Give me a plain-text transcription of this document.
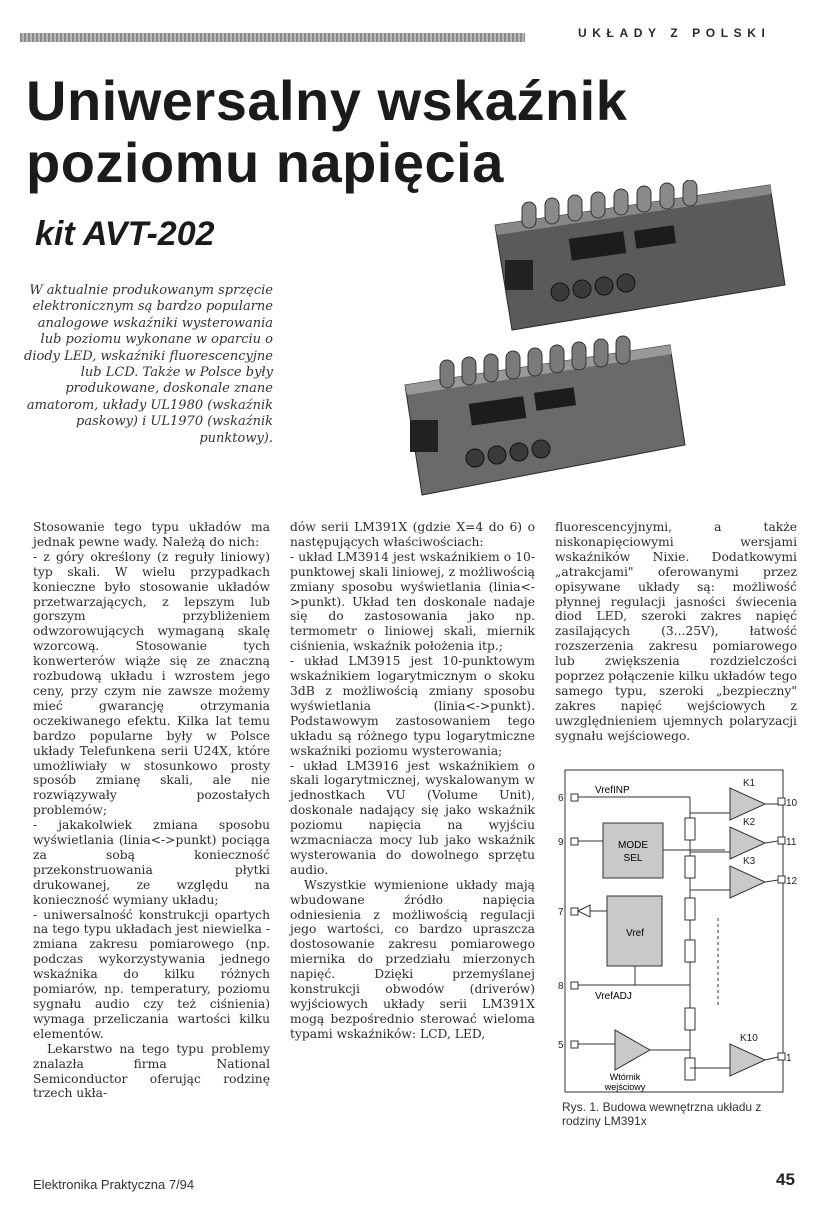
UKŁADY Z POLSKI
Uniwersalny wskaźnik
poziomu napięcia
kit AVT-202

W aktualnie produkowanym sprzęcie elektronicznym są bardzo popularne analogowe wskaźniki wysterowania lub poziomu wykonane w oparciu o diody LED, wskaźniki fluorescencyjne lub LCD. Także w Polsce były produkowane, doskonale znane amatorom, układy UL1980 (wskaźnik paskowy) i UL1970 (wskaźnik punktowy).

Stosowanie tego typu układów ma jednak pewne wady. Należą do nich:

- z góry określony (z reguły liniowy) typ skali. W wielu przypadkach konieczne było stosowanie układów przetwarzających, z lepszym lub gorszym przybliżeniem odwzorowujących wymaganą skalę wzorcową. Stosowanie tych konwerterów wiąże się ze znaczną rozbudową układu i wzrostem jego ceny, przy czym nie zawsze możemy mieć gwarancję otrzymania oczekiwanego efektu. Kilka lat temu bardzo popularne były w Polsce układy Telefunkena serii U24X, które umożliwiały w stosunkowo prosty sposób zmianę skali, ale nie rozwiązywały pozostałych problemów;

- jakakolwiek zmiana sposobu wyświetlania (linia<->punkt) pociąga za sobą konieczność przekonstruowania płytki drukowanej, ze względu na konieczność wymiany układu;

- uniwersalność konstrukcji opartych na tego typu układach jest niewielka - zmiana zakresu pomiarowego (np. podczas wykorzystywania jednego wskaźnika do kilku różnych pomiarów, np. temperatury, poziomu sygnału audio czy też ciśnienia) wymaga przeliczania wartości kilku elementów.

Lekarstwo na tego typu problemy znalazła firma National Semiconductor oferując rodzinę trzech ukła-

dów serii LM391X (gdzie X=4 do 6) o następujących właściwościach:

- układ LM3914 jest wskaźnikiem o 10-punktowej skali liniowej, z możliwością zmiany sposobu wyświetlania (linia<->punkt). Układ ten doskonale nadaje się do zastosowania jako np. termometr o liniowej skali, miernik ciśnienia, wskaźnik położenia itp.;

- układ LM3915 jest 10-punktowym wskaźnikiem logarytmicznym o skoku 3dB z możliwością zmiany sposobu wyświetlania (linia<->punkt). Podstawowym zastosowaniem tego układu są różnego typu logarytmiczne wskaźniki poziomu wysterowania;

- układ LM3916 jest wskaźnikiem o skali logarytmicznej, wyskalowanym w jednostkach VU (Volume Unit), doskonale nadający się jako wskaźnik poziomu napięcia na wyjściu wzmacniacza mocy lub jako wskaźnik wysterowania do dowolnego sprzętu audio.

Wszystkie wymienione układy mają wbudowane źródło napięcia odniesienia z możliwością regulacji jego wartości, co bardzo upraszcza dostosowanie zakresu pomiarowego miernika do przedziału mierzonych napięć. Dzięki przemyślanej konstrukcji obwodów (driverów) wyjściowych układy serii LM391X mogą bezpośrednio sterować wieloma typami wskaźników: LCD, LED,

fluorescencyjnymi, a także niskonapięciowymi wersjami wskaźników Nixie. Dodatkowymi „atrakcjami" oferowanymi przez opisywane układy są: możliwość płynnej regulacji jasności świecenia diod LED, szeroki zakres napięć zasilających (3...25V), łatwość rozszerzenia zakresu pomiarowego lub zwiększenia rozdzielczości poprzez połączenie kilku układów tego samego typu, szeroki „bezpieczny" zakres napięć wejściowych z uwzględnieniem ujemnych polaryzacji sygnału wejściowego.

6
9
7
8
5
10
11
12
1
VrefINP
MODE
SEL
Vref
VrefADJ
Wtórnik
wejściowy
K1
K2
K3
K10

Rys. 1. Budowa wewnętrzna układu z rodziny LM391x

Elektronika Praktyczna 7/94	45
